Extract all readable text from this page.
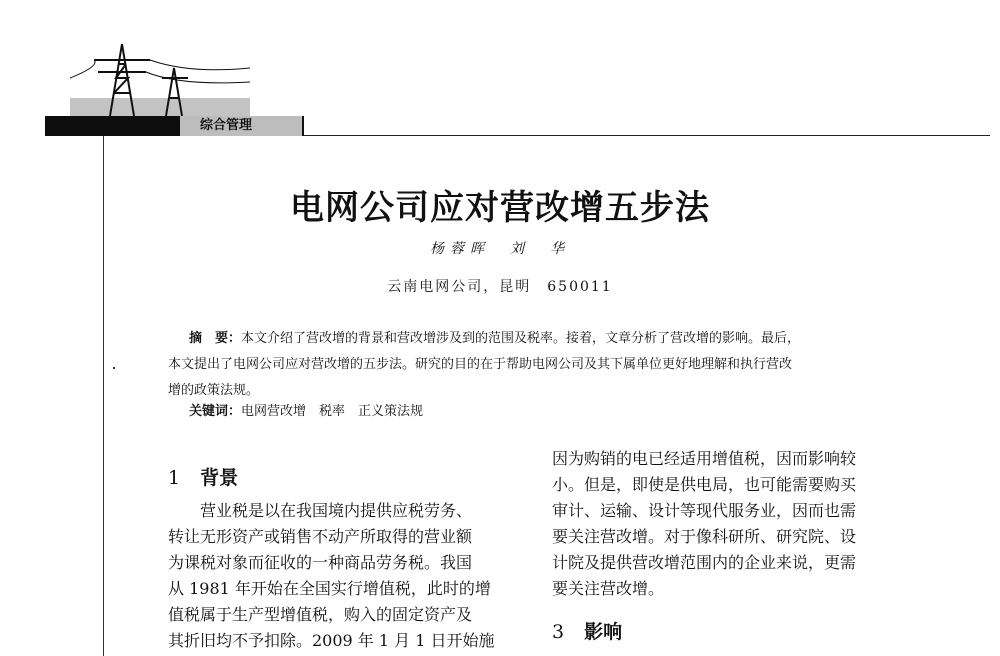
综合管理
电网公司应对营改增五步法
杨蓉晖　刘　华
云南电网公司，昆明　650011

摘　要：本文介绍了营改增的背景和营改增涉及到的范围及税率。接着，文章分析了营改增的影响。最后，

本文提出了电网公司应对营改增的五步法。研究的目的在于帮助电网公司及其下属单位更好地理解和执行营改

增的政策法规。

关键词：电网营改增　税率　正义策法规
1 背景

营业税是以在我国境内提供应税劳务、

转让无形资产或销售不动产所取得的营业额

为课税对象而征收的一种商品劳务税。我国

从 1981 年开始在全国实行增值税，此时的增

值税属于生产型增值税，购入的固定资产及

其折旧均不予扣除。2009 年 1 月 1 日开始施

因为购销的电已经适用增值税，因而影响较

小。但是，即使是供电局，也可能需要购买

审计、运输、设计等现代服务业，因而也需

要关注营改增。对于像科研所、研究院、设

计院及提供营改增范围内的企业来说，更需

要关注营改增。

3 影响
